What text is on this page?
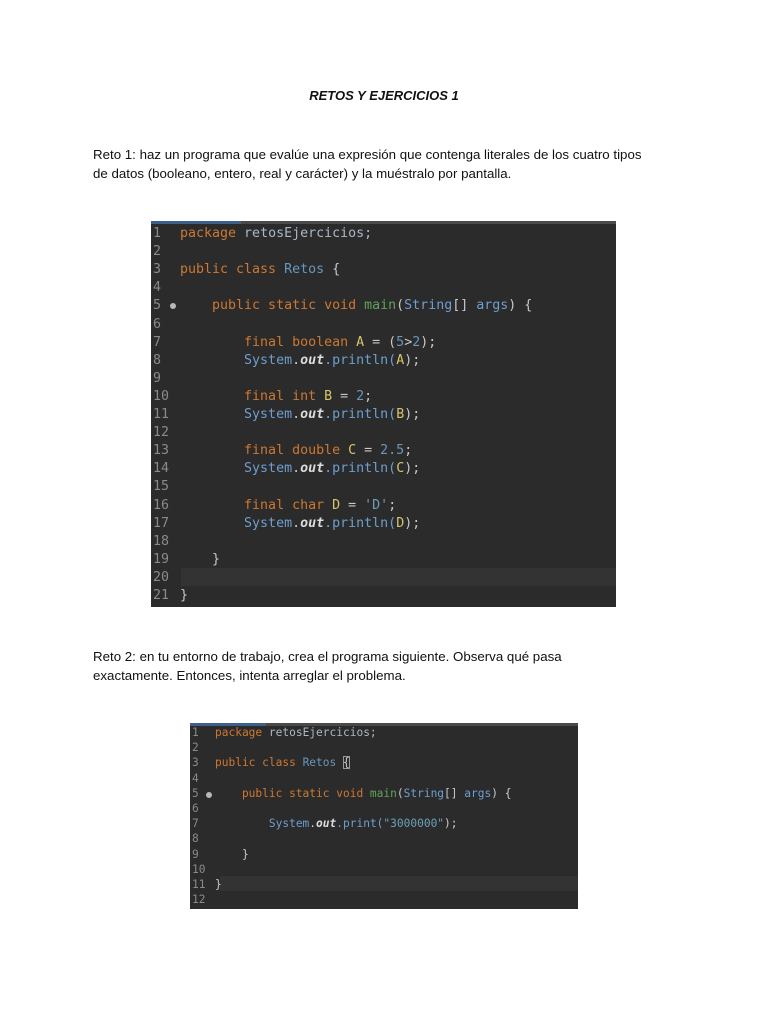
RETOS Y EJERCICIOS 1
Reto 1: haz un programa que evalúe una expresión que contenga literales de los cuatro tipos
de datos (booleano, entero, real y carácter) y la muéstralo por pantalla.
1 package retosEjercicios;
2
3 public class Retos {
4
5 public static void main(String[] args) {
6
7 final boolean A = (5>2);
8 System.out.println(A);
9
10 final int B = 2;
11 System.out.println(B);
12
13 final double C = 2.5;
14 System.out.println(C);
15
16 final char D = 'D';
17 System.out.println(D);
18
19 }
20
21 }
Reto 2: en tu entorno de trabajo, crea el programa siguiente. Observa qué pasa
exactamente. Entonces, intenta arreglar el problema.
1 package retosEjercicios;
2
3 public class Retos {
4
5 public static void main(String[] args) {
6
7 System.out.print("3000000");
8
9 }
10
11 }
12
